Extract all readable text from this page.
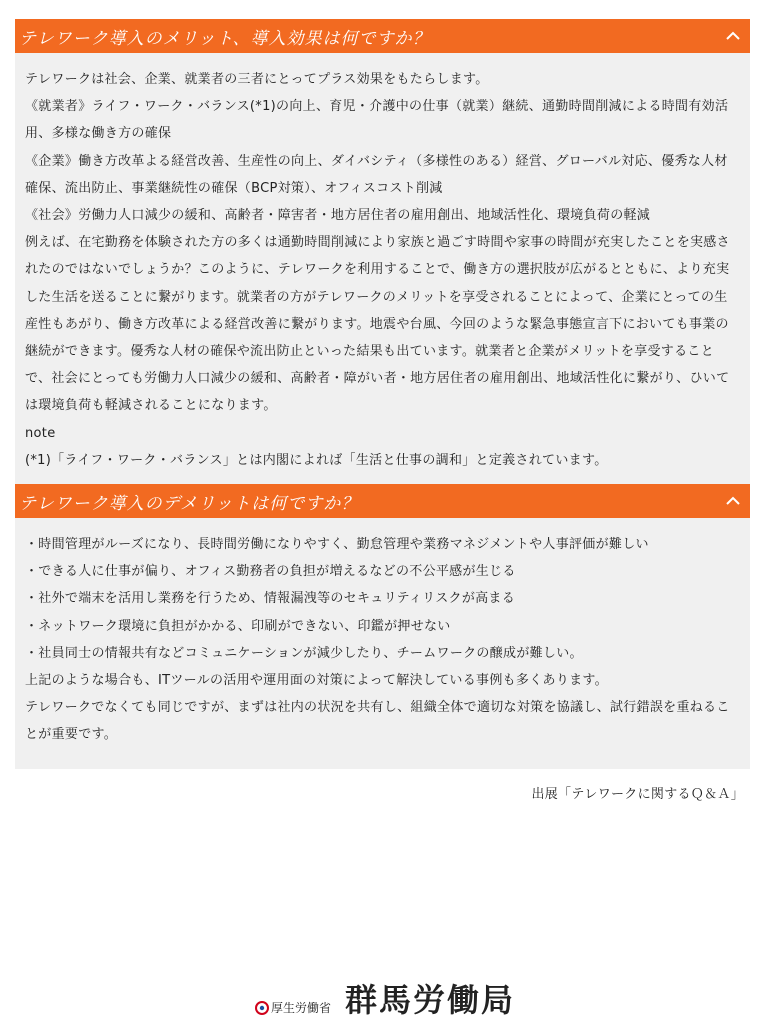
テレワーク導入のメリット、導入効果は何ですか？

テレワークは社会、企業、就業者の三者にとってプラス効果をもたらします。

《就業者》ライフ・ワーク・バランス(*1)の向上、育児・介護中の仕事（就業）継続、通勤時間削減による時間有効活用、多様な働き方の確保

《企業》働き方改革よる経営改善、生産性の向上、ダイバシティ（多様性のある）経営、グローバル対応、優秀な人材確保、流出防止、事業継続性の確保（BCP対策）、オフィスコスト削減

《社会》労働力人口減少の緩和、高齢者・障害者・地方居住者の雇用創出、地域活性化、環境負荷の軽減

例えば、在宅勤務を体験された方の多くは通勤時間削減により家族と過ごす時間や家事の時間が充実したことを実感されたのではないでしょうか？このように、テレワークを利用することで、働き方の選択肢が広がるとともに、より充実した生活を送ることに繋がります。就業者の方がテレワークのメリットを享受されることによって、企業にとっての生産性もあがり、働き方改革による経営改善に繋がります。地震や台風、今回のような緊急事態宣言下においても事業の継続ができます。優秀な人材の確保や流出防止といった結果も出ています。就業者と企業がメリットを享受することで、社会にとっても労働力人口減少の緩和、高齢者・障がい者・地方居住者の雇用創出、地域活性化に繋がり、ひいては環境負荷も軽減されることになります。

note

(*1)「ライフ・ワーク・バランス」とは内閣によれば「生活と仕事の調和」と定義されています。

テレワーク導入のデメリットは何ですか？

・時間管理がルーズになり、長時間労働になりやすく、勤怠管理や業務マネジメントや人事評価が難しい

・できる人に仕事が偏り、オフィス勤務者の負担が増えるなどの不公平感が生じる

・社外で端末を活用し業務を行うため、情報漏洩等のセキュリティリスクが高まる

・ネットワーク環境に負担がかかる、印刷ができない、印鑑が押せない

・社員同士の情報共有などコミュニケーションが減少したり、チームワークの醸成が難しい。

上記のような場合も、ITツールの活用や運用面の対策によって解決している事例も多くあります。

テレワークでなくても同じですが、まずは社内の状況を共有し、組織全体で適切な対策を協議し、試行錯誤を重ねることが重要です。

出展「テレワークに関するＱ＆Ａ」
厚生労働省 群馬労働局
